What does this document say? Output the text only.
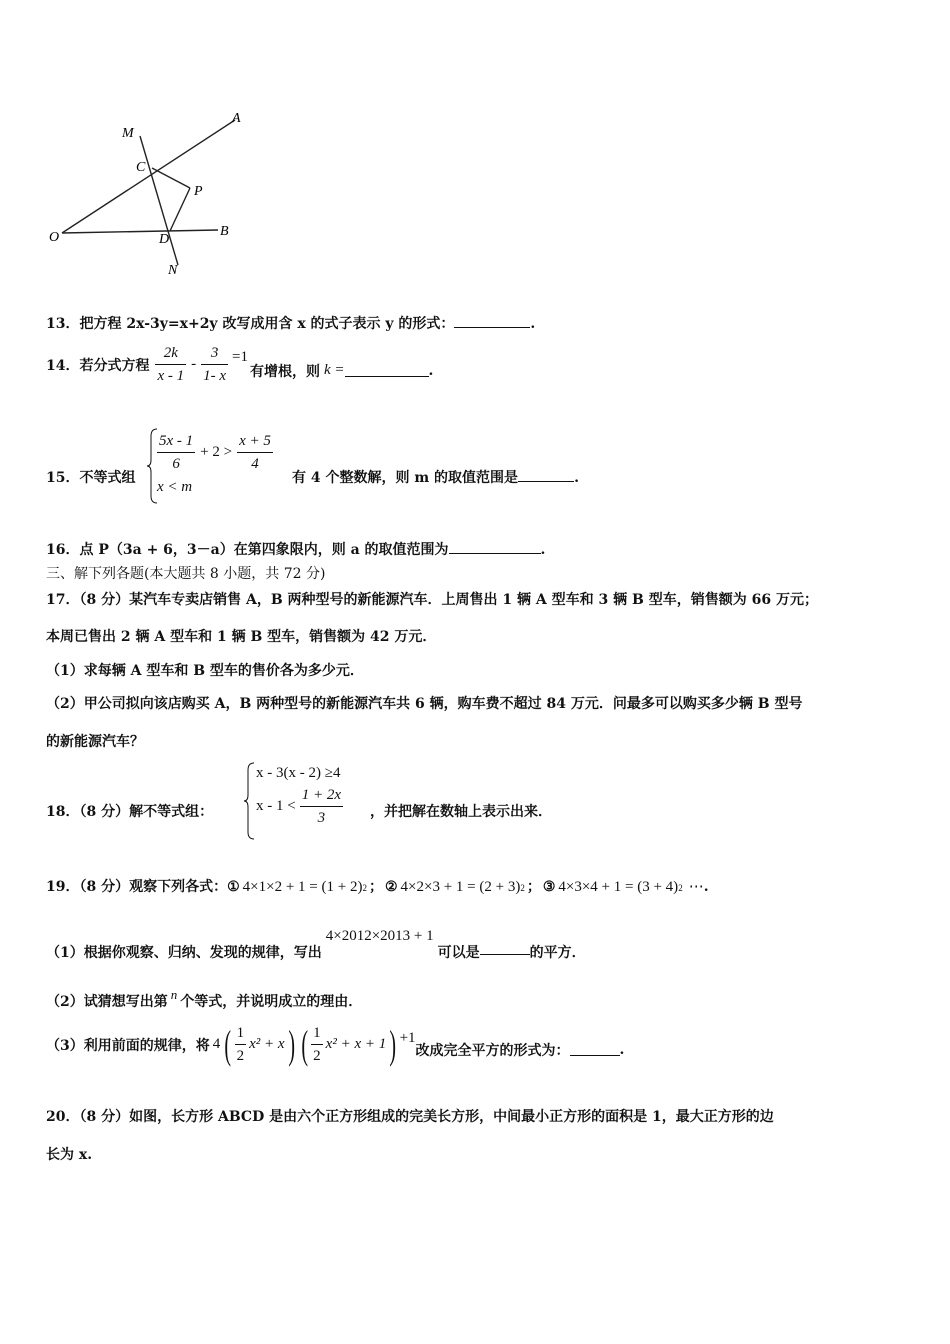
A
M
C
P
O	D
B
N
13．把方程 2x-3y=x+2y 改写成用含 x 的式子表示 y 的形式：	.
14．若分式方程 $\frac{2k}{x - 1} - \frac{3}{1- x} =1$
有增根，则 k =	.
15．不等式组
$\frac{5x - 1}{6} + 2 > \frac{x + 5}{4}$
x < m
有 4 个整数解，则 m 的取值范围是	.
16．点 P（3a + 6，3－a）在第四象限内，则 a 的取值范围为	.
三、解下列各题(本大题共 8 小题，共 72 分)
17．（8 分）某汽车专卖店销售 A，B 两种型号的新能源汽车．上周售出 1 辆 A 型车和 3 辆 B 型车，销售额为 66 万元；
本周已售出 2 辆 A 型车和 1 辆 B 型车，销售额为 42 万元．
（1）求每辆 A 型车和 B 型车的售价各为多少元．
（2）甲公司拟向该店购买 A，B 两种型号的新能源汽车共 6 辆，购车费不超过 84 万元．问最多可以购买多少辆 B 型号
的新能源汽车？
18．（8 分）解不等式组：
x - 3(x - 2) ≥4
$x - 1 < \frac{1 + 2x}{3}$ ，并把解在数轴上表示出来．
19．（8 分）观察下列各式： ① 4×1×2 + 1 = (1 + 2) 2 ； ② 4×2×3 + 1 = (2 + 3) 2 ； ③ 4×3×4 + 1 = (3 + 4) 2 ⋯ .
（1）根据你观察、归纳、发现的规律，写出
4×2012×2013 + 1
可以是	的平方．
（2）试猜想写出第 n 个等式，并说明成立的理由．
（3）利用前面的规律，将 4 ( $\frac{1}{2} x^2 + x$ ) ( $\frac{1}{2} x^2 + x + 1$ ) +1
改成完全平方的形式为：	.
20．（8 分）如图，长方形 ABCD 是由六个正方形组成的完美长方形，中间最小正方形的面积是 1，最大正方形的边
长为 x.
